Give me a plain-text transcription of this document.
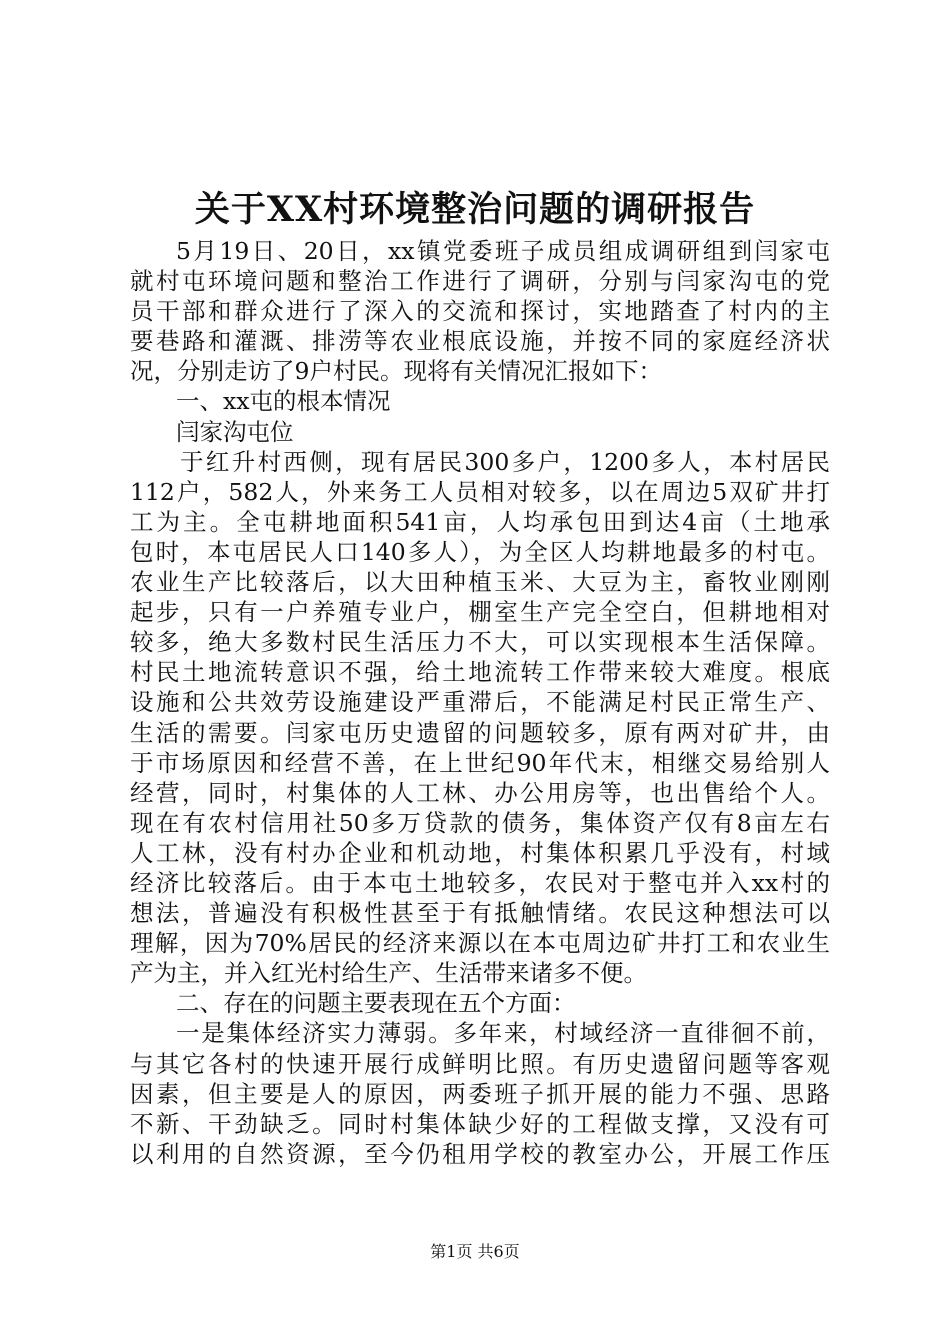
关于XX村环境整治问题的调研报告
5月19日、20日，xx镇党委班子成员组成调研组到闫家屯
就村屯环境问题和整治工作进行了调研，分别与闫家沟屯的党
员干部和群众进行了深入的交流和探讨，实地踏查了村内的主
要巷路和灌溉、排涝等农业根底设施，并按不同的家庭经济状
况，分别走访了9户村民。现将有关情况汇报如下：
一、xx屯的根本情况
闫家沟屯位
于红升村西侧，现有居民300多户，1200多人，本村居民
112户，582人，外来务工人员相对较多，以在周边5双矿井打
工为主。全屯耕地面积541亩，人均承包田到达4亩（土地承
包时，本屯居民人口140多人），为全区人均耕地最多的村屯。
农业生产比较落后，以大田种植玉米、大豆为主，畜牧业刚刚
起步，只有一户养殖专业户，棚室生产完全空白，但耕地相对
较多，绝大多数村民生活压力不大，可以实现根本生活保障。
村民土地流转意识不强，给土地流转工作带来较大难度。根底
设施和公共效劳设施建设严重滞后，不能满足村民正常生产、
生活的需要。闫家屯历史遗留的问题较多，原有两对矿井，由
于市场原因和经营不善，在上世纪90年代末，相继交易给别人
经营，同时，村集体的人工林、办公用房等，也出售给个人。
现在有农村信用社50多万贷款的债务，集体资产仅有8亩左右
人工林，没有村办企业和机动地，村集体积累几乎没有，村域
经济比较落后。由于本屯土地较多，农民对于整屯并入xx村的
想法，普遍没有积极性甚至于有抵触情绪。农民这种想法可以
理解，因为70%居民的经济来源以在本屯周边矿井打工和农业生
产为主，并入红光村给生产、生活带来诸多不便。
二、存在的问题主要表现在五个方面：
一是集体经济实力薄弱。多年来，村域经济一直徘徊不前，
与其它各村的快速开展行成鲜明比照。有历史遗留问题等客观
因素，但主要是人的原因，两委班子抓开展的能力不强、思路
不新、干劲缺乏。同时村集体缺少好的工程做支撑，又没有可
以利用的自然资源，至今仍租用学校的教室办公，开展工作压
第1页 共6页
